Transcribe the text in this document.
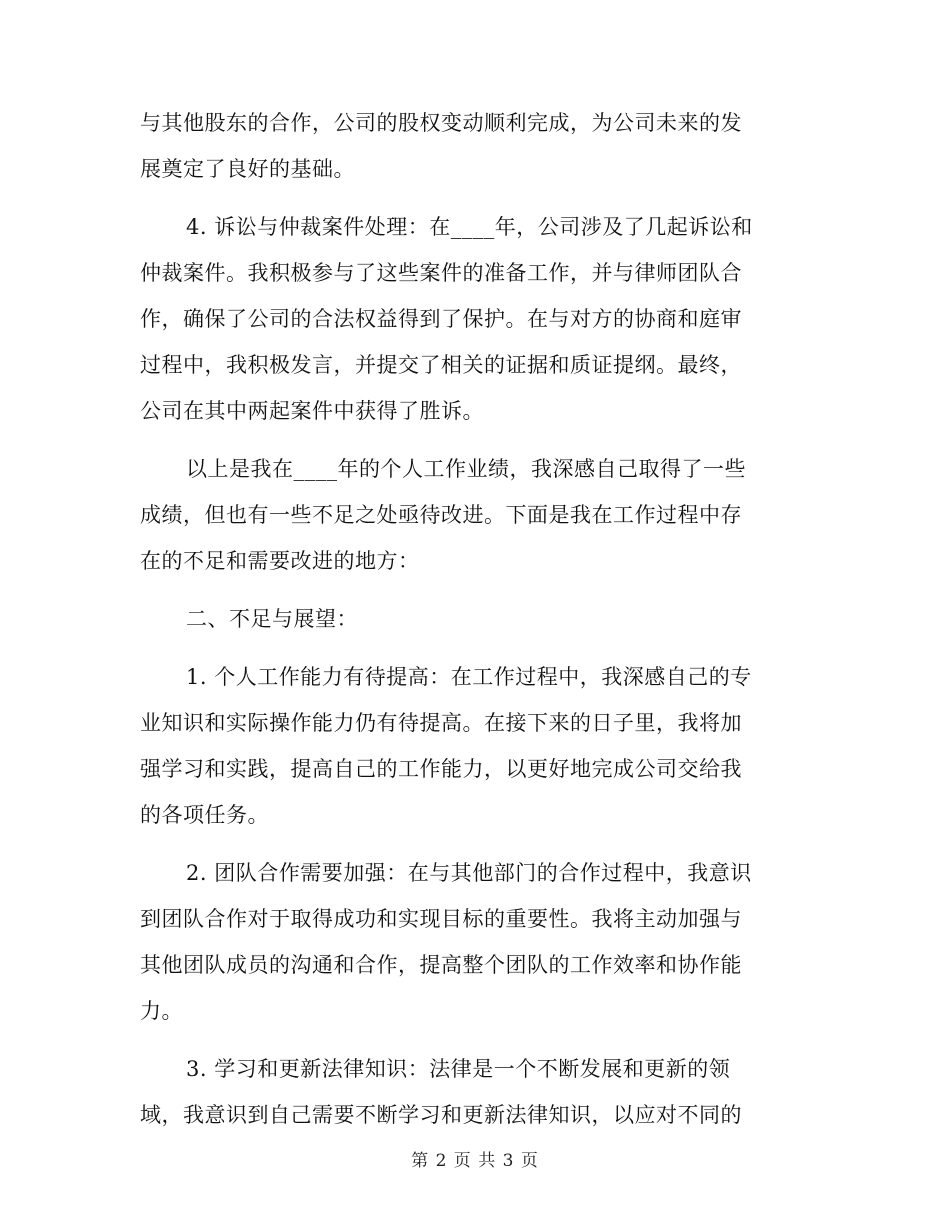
与其他股东的合作，公司的股权变动顺利完成，为公司未来的发
展奠定了良好的基础。
4. 诉讼与仲裁案件处理：在____年，公司涉及了几起诉讼和
仲裁案件。我积极参与了这些案件的准备工作，并与律师团队合
作，确保了公司的合法权益得到了保护。在与对方的协商和庭审
过程中，我积极发言，并提交了相关的证据和质证提纲。最终，
公司在其中两起案件中获得了胜诉。
以上是我在____年的个人工作业绩，我深感自己取得了一些
成绩，但也有一些不足之处亟待改进。下面是我在工作过程中存
在的不足和需要改进的地方：
二、不足与展望：
1. 个人工作能力有待提高：在工作过程中，我深感自己的专
业知识和实际操作能力仍有待提高。在接下来的日子里，我将加
强学习和实践，提高自己的工作能力，以更好地完成公司交给我
的各项任务。
2. 团队合作需要加强：在与其他部门的合作过程中，我意识
到团队合作对于取得成功和实现目标的重要性。我将主动加强与
其他团队成员的沟通和合作，提高整个团队的工作效率和协作能
力。
3. 学习和更新法律知识：法律是一个不断发展和更新的领
域，我意识到自己需要不断学习和更新法律知识，以应对不同的
第 2 页 共 3 页
